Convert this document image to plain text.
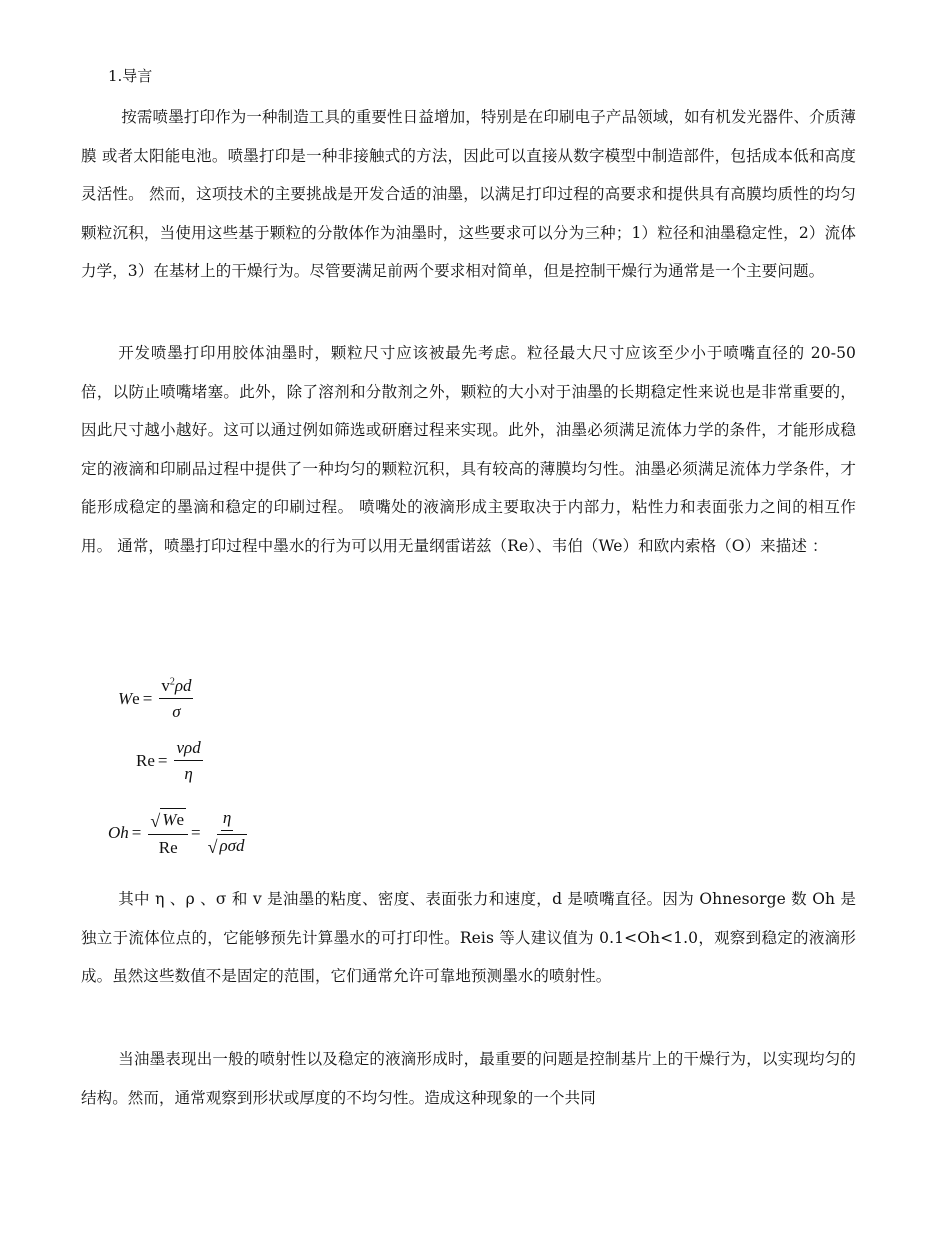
1.导言

按需喷墨打印作为一种制造工具的重要性日益增加，特别是在印刷电子产品领域，如有机发光器件、介质薄膜 或者太阳能电池。喷墨打印是一种非接触式的方法，因此可以直接从数字模型中制造部件，包括成本低和高度灵活性。 然而，这项技术的主要挑战是开发合适的油墨，以满足打印过程的高要求和提供具有高膜均质性的均匀颗粒沉积，当使用这些基于颗粒的分散体作为油墨时，这些要求可以分为三种；1）粒径和油墨稳定性，2）流体力学，3）在基材上的干燥行为。尽管要满足前两个要求相对简单，但是控制干燥行为通常是一个主要问题。

开发喷墨打印用胶体油墨时，颗粒尺寸应该被最先考虑。粒径最大尺寸应该至少小于喷嘴直径的 20-50 倍，以防止喷嘴堵塞。此外，除了溶剂和分散剂之外，颗粒的大小对于油墨的长期稳定性来说也是非常重要的，因此尺寸越小越好。这可以通过例如筛选或研磨过程来实现。此外，油墨必须满足流体力学的条件，才能形成稳定的液滴和印刷品过程中提供了一种均匀的颗粒沉积，具有较高的薄膜均匀性。油墨必须满足流体力学条件，才能形成稳定的墨滴和稳定的印刷过程。 喷嘴处的液滴形成主要取决于内部力，粘性力和表面张力之间的相互作用。 通常，喷墨打印过程中墨水的行为可以用无量纲雷诺兹（Re）、韦伯（We）和欧内索格（O）来描述 ：

$We = \frac{v^2\rho d}{\sigma}$
$Re = \frac{\text{vρd}}{\eta}$
$Oh = \frac{√ We}{Re} = \frac{\eta}{\text{√ ρσd}}$

其中 η 、ρ 、σ 和 v 是油墨的粘度、密度、表面张力和速度，d 是喷嘴直径。因为 Ohnesorge 数 Oh 是独立于流体位点的，它能够预先计算墨水的可打印性。Reis 等人建议值为 0.1<Oh<1.0，观察到稳定的液滴形成。虽然这些数值不是固定的范围，它们通常允许可靠地预测墨水的喷射性。

当油墨表现出一般的喷射性以及稳定的液滴形成时，最重要的问题是控制基片上的干燥行为，以实现均匀的结构。然而，通常观察到形状或厚度的不均匀性。造成这种现象的一个共同
